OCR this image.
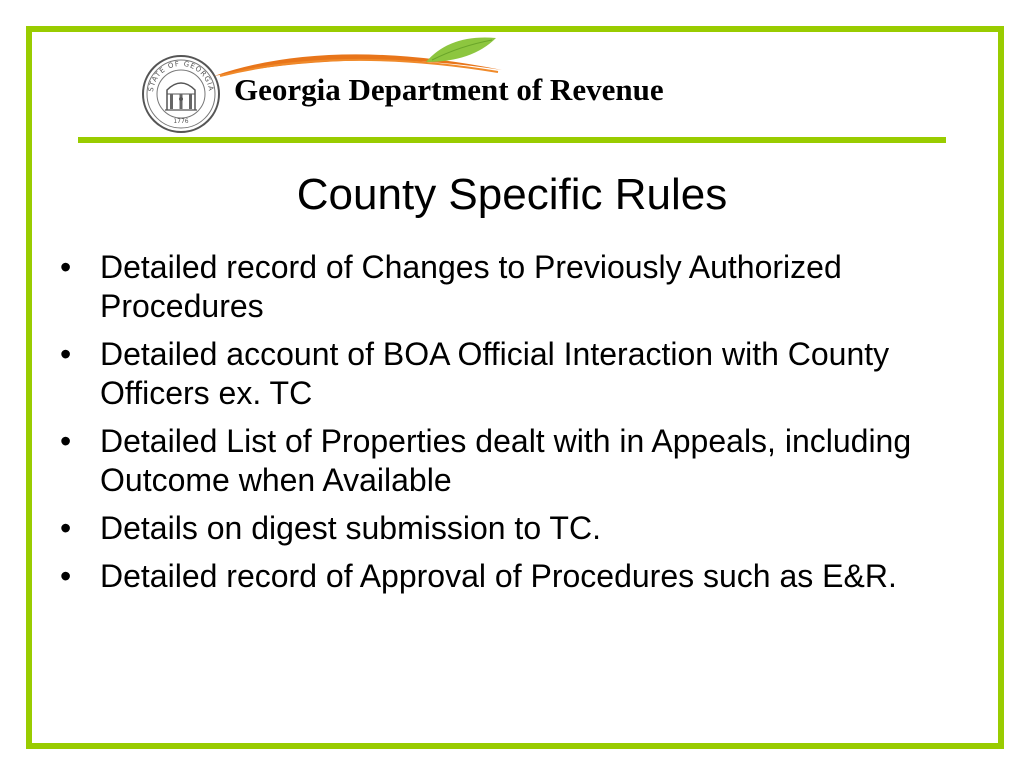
STATE OF GEORGIA
1776
Georgia Department of Revenue
County Specific Rules
• Detailed record of Changes to Previously Authorized Procedures
• Detailed account of BOA Official Interaction with County Officers ex. TC
• Detailed List of Properties dealt with in Appeals, including Outcome when Available
• Details on digest submission to TC.
• Detailed record of Approval of Procedures such as E&R.
